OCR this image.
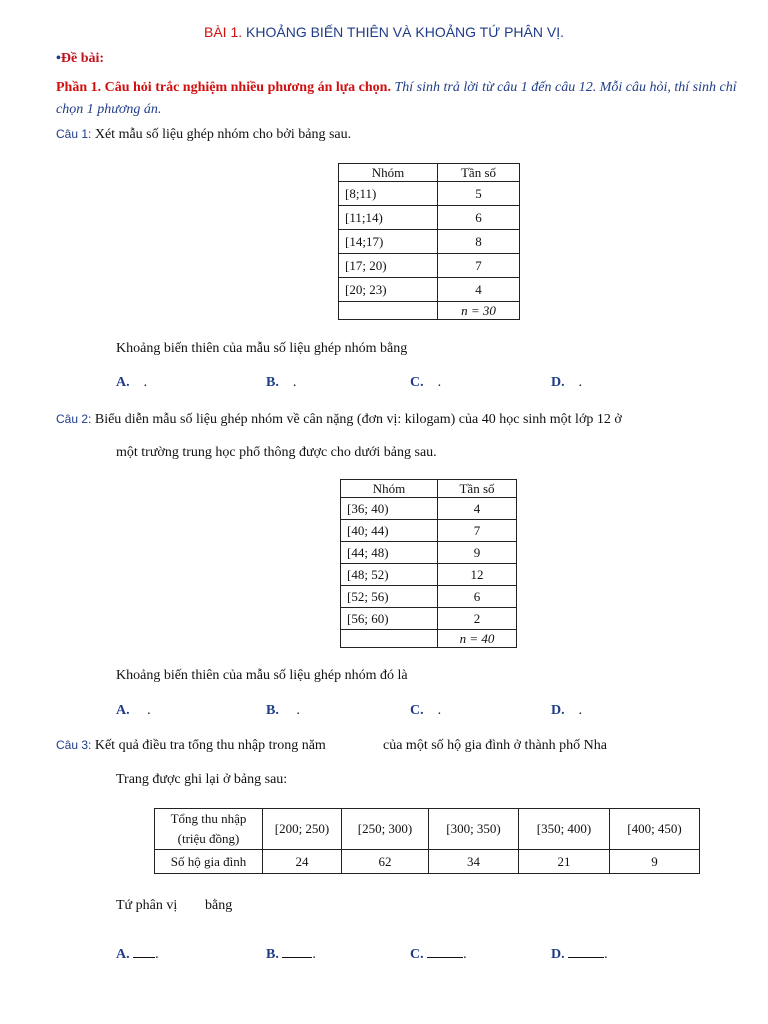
BÀI 1. KHOẢNG BIẾN THIÊN VÀ KHOẢNG TỨ PHÂN VỊ.
•Đề bài:
Phần 1. Câu hỏi trắc nghiệm nhiều phương án lựa chọn. Thí sinh trả lời từ câu 1 đến câu 12. Mỗi câu hỏi, thí sinh chỉ chọn 1 phương án.
Câu 1: Xét mẫu số liệu ghép nhóm cho bởi bảng sau.
Nhóm	Tần số
[8;11)	5
[11;14)	6
[14;17)	8
[17; 20)	7
[20; 23)	4
	n = 30
Khoảng biến thiên của mẫu số liệu ghép nhóm bằng
A. .	B. .	C. .	D. .
Câu 2: Biểu diễn mẫu số liệu ghép nhóm về cân nặng (đơn vị: kilogam) của 40 học sinh một lớp 12 ở
một trường trung học phổ thông được cho dưới bảng sau.
Nhóm	Tần số
[36; 40)	4
[40; 44)	7
[44; 48)	9
[48; 52)	12
[52; 56)	6
[56; 60)	2
	n = 40
Khoảng biến thiên của mẫu số liệu ghép nhóm đó là
A. .	B. .	C. .	D. .
Câu 3: Kết quả điều tra tổng thu nhập trong năm	của một số hộ gia đình ở thành phố Nha
Trang được ghi lại ở bảng sau:
Tổng thu nhập
(triệu đồng)	[200; 250)	[250; 300)	[300; 350)	[350; 400)	[400; 450)
Số hộ gia đình	24	62	34	21	9
Tứ phân vị bằng
A. .	B. .	C.	.	D.	.
